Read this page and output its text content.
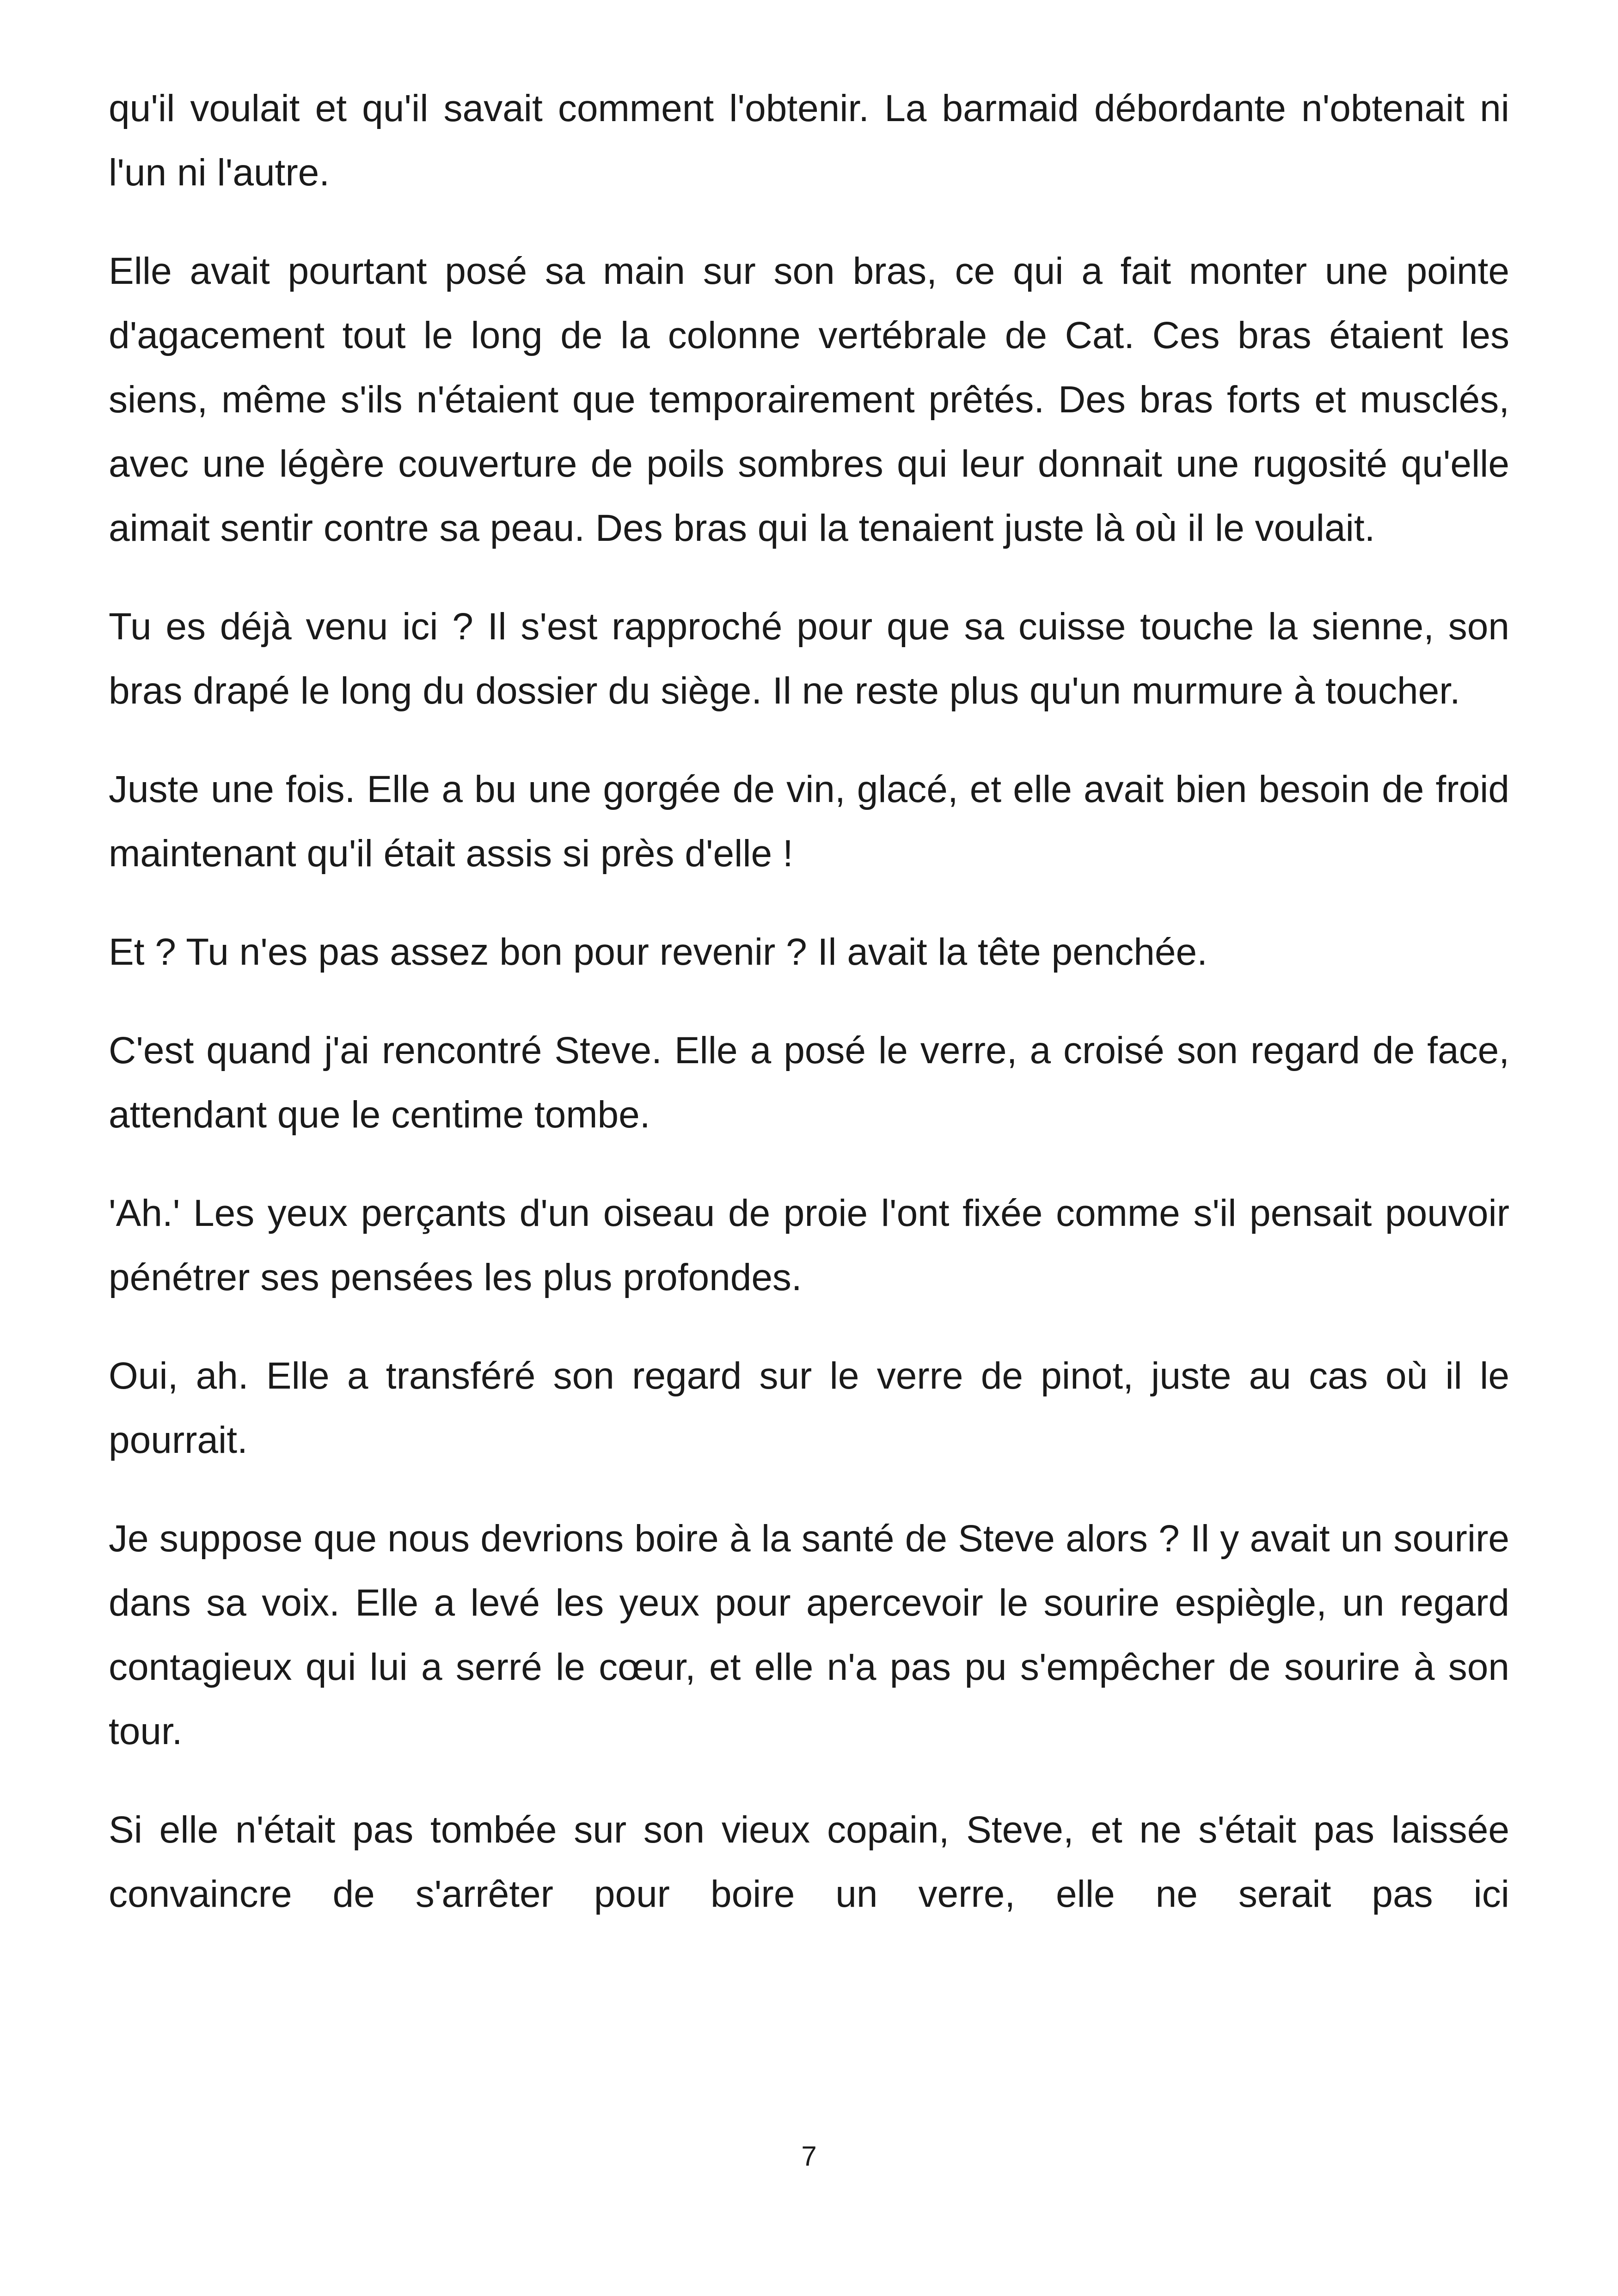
qu'il voulait et qu'il savait comment l'obtenir. La barmaid débordante n'obtenait ni l'un ni l'autre.

Elle avait pourtant posé sa main sur son bras, ce qui a fait monter une pointe d'agacement tout le long de la colonne vertébrale de Cat. Ces bras étaient les siens, même s'ils n'étaient que temporairement prêtés. Des bras forts et musclés, avec une légère couverture de poils sombres qui leur donnait une rugosité qu'elle aimait sentir contre sa peau. Des bras qui la tenaient juste là où il le voulait.

Tu es déjà venu ici ? Il s'est rapproché pour que sa cuisse touche la sienne, son bras drapé le long du dossier du siège. Il ne reste plus qu'un murmure à toucher.

Juste une fois. Elle a bu une gorgée de vin, glacé, et elle avait bien besoin de froid maintenant qu'il était assis si près d'elle !

Et ? Tu n'es pas assez bon pour revenir ? Il avait la tête penchée.

C'est quand j'ai rencontré Steve. Elle a posé le verre, a croisé son regard de face, attendant que le centime tombe.

'Ah.' Les yeux perçants d'un oiseau de proie l'ont fixée comme s'il pensait pouvoir pénétrer ses pensées les plus profondes.

Oui, ah. Elle a transféré son regard sur le verre de pinot, juste au cas où il le pourrait.

Je suppose que nous devrions boire à la santé de Steve alors ? Il y avait un sourire dans sa voix. Elle a levé les yeux pour apercevoir le sourire espiègle, un regard contagieux qui lui a serré le cœur, et elle n'a pas pu s'empêcher de sourire à son tour.

Si elle n'était pas tombée sur son vieux copain, Steve, et ne s'était pas laissée convaincre de s'arrêter pour boire un verre, elle ne serait pas ici

7
